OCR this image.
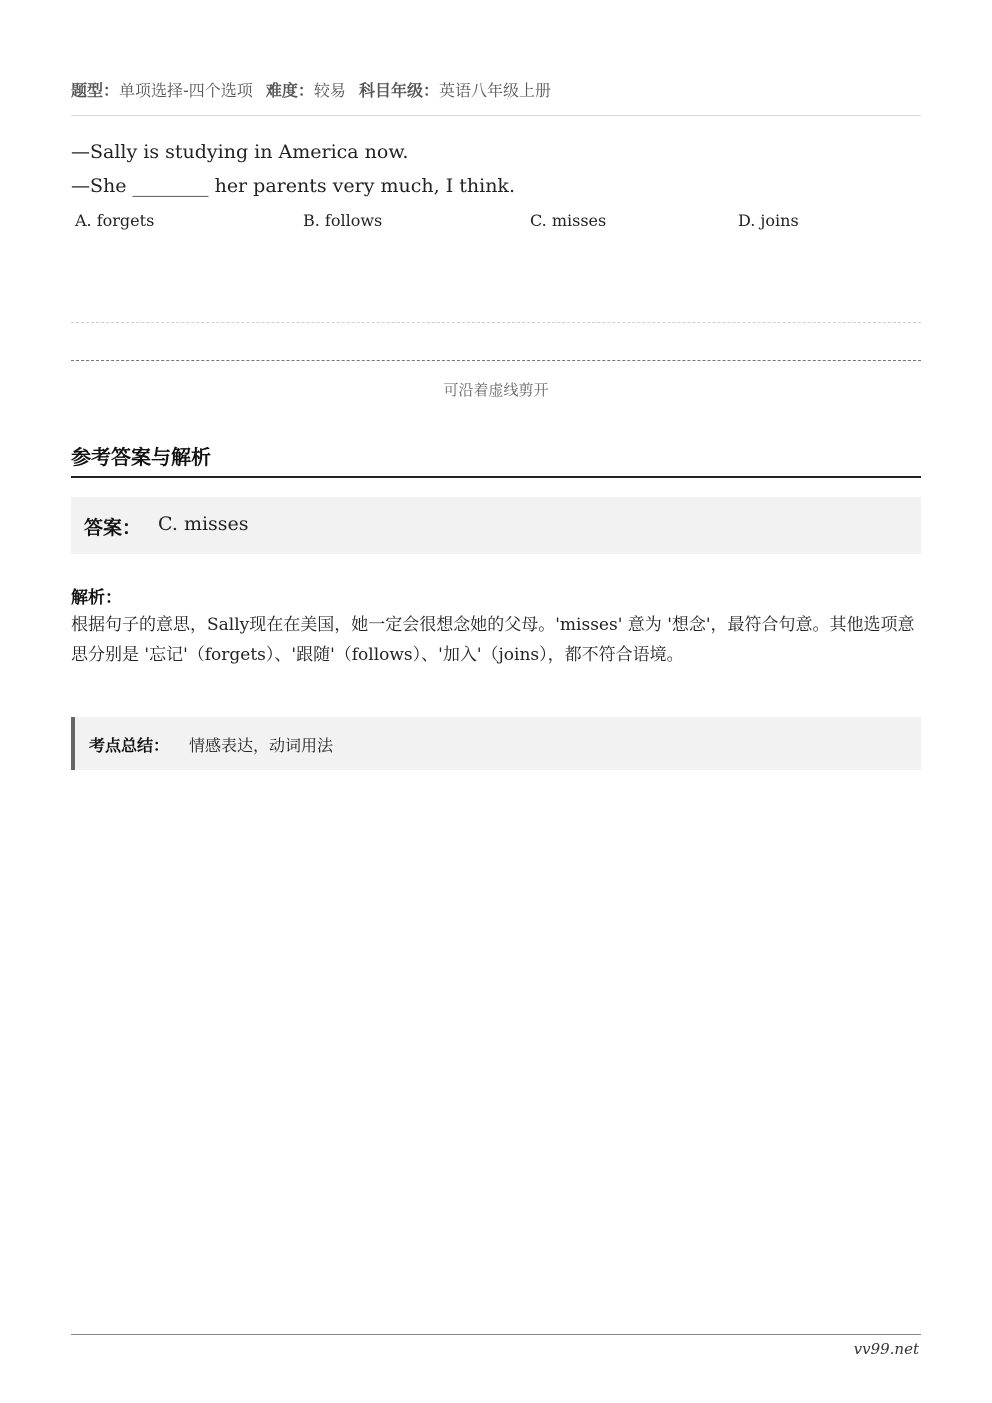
题型：单项选择-四个选项 难度：较易 科目年级：英语八年级上册
—Sally is studying in America now.
—She ________ her parents very much, I think.
A. forgets	B. follows	C. misses	D. joins
可沿着虚线剪开
参考答案与解析
答案： C. misses
解析：
根据句子的意思，Sally现在在美国，她一定会很想念她的父母。'misses' 意为 '想念'，最符合句意。其他选项意思分别是 '忘记'（forgets）、'跟随'（follows）、'加入'（joins），都不符合语境。
考点总结： 情感表达，动词用法
vv99.net
